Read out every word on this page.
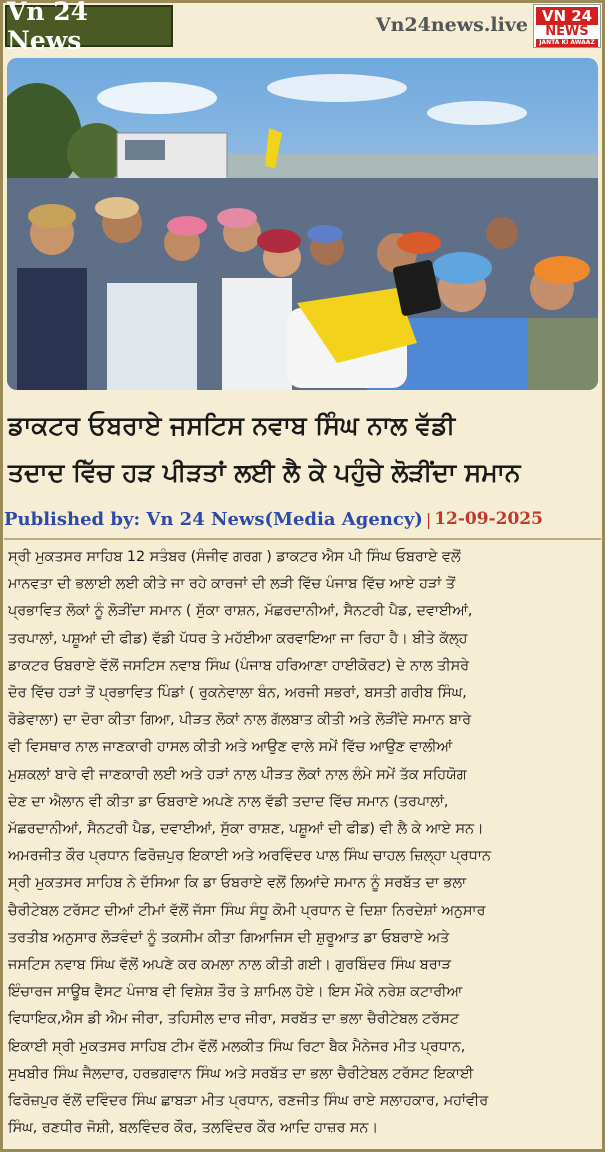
Vn 24 News
Vn24news.live VN 24
NEWS
JANTA KI AWAAZ
ਡਾਕਟਰ ਓਬਰਾਏ ਜਸਟਿਸ ਨਵਾਬ ਸਿੰਘ ਨਾਲ ਵੱਡੀ
ਤਦਾਦ ਵਿੱਚ ਹੜ ਪੀੜਤਾਂ ਲਈ ਲੈ ਕੇ ਪਹੁੰਚੇ ਲੋੜੀਂਦਾ ਸਮਾਨ
Published by: Vn 24 News(Media Agency) | 12-09-2025
ਸ੍ਰੀ ਮੁਕਤਸਰ ਸਾਹਿਬ 12 ਸਤੰਬਰ (ਸੰਜੀਵ ਗਰਗ ) ਡਾਕਟਰ ਐਸ ਪੀ ਸਿੰਘ ਓਬਰਾਏ ਵਲੋਂ
ਮਾਨਵਤਾ ਦੀ ਭਲਾਈ ਲਈ ਕੀਤੇ ਜਾ ਰਹੇ ਕਾਰਜਾਂ ਦੀ ਲੜੀ ਵਿੱਚ ਪੰਜਾਬ ਵਿੱਚ ਆਏ ਹੜਾਂ ਤੋਂ
ਪ੍ਰਭਾਵਿਤ ਲੋਕਾਂ ਨੂੰ ਲੋੜੀਂਦਾ ਸਮਾਨ ( ਸੁੱਕਾ ਰਾਸ਼ਨ, ਮੱਛਰਦਾਨੀਆਂ, ਸੈਨਟਰੀ ਪੈਡ, ਦਵਾਈਆਂ,
ਤਰਪਾਲਾਂ, ਪਸ਼ੂਆਂ ਦੀ ਫੀਡ) ਵੱਡੀ ਪੱਧਰ ਤੇ ਮਹੱਈਆ ਕਰਵਾਇਆ ਜਾ ਰਿਹਾ ਹੈ। ਬੀਤੇ ਕੱਲ੍ਹ
ਡਾਕਟਰ ਓਬਰਾਏ ਵੱਲੋਂ ਜਸਟਿਸ ਨਵਾਬ ਸਿੰਘ (ਪੰਜਾਬ ਹਰਿਆਣਾ ਹਾਈਕੋਰਟ) ਦੇ ਨਾਲ ਤੀਸਰੇ
ਦੋਰ ਵਿੱਚ ਹੜਾਂ ਤੋਂ ਪ੍ਰਭਾਵਿਤ ਪਿੰਡਾਂ ( ਰੁਕਨੇਵਾਲਾ ਬੰਨ, ਅਰਜੀ ਸਭਰਾਂ, ਬਸਤੀ ਗਰੀਬ ਸਿੰਘ,
ਰੋਡੇਵਾਲਾ) ਦਾ ਦੋਰਾ ਕੀਤਾ ਗਿਆ, ਪੀੜਤ ਲੋਕਾਂ ਨਾਲ ਗੱਲਬਾਤ ਕੀਤੀ ਅਤੇ ਲੋੜੀਂਦੇ ਸਮਾਨ ਬਾਰੇ
ਵੀ ਵਿਸਥਾਰ ਨਾਲ ਜਾਣਕਾਰੀ ਹਾਸਲ ਕੀਤੀ ਅਤੇ ਆਉਣ ਵਾਲੇ ਸਮੇਂ ਵਿੱਚ ਆਉਣ ਵਾਲੀਆਂ
ਮੁਸ਼ਕਲਾਂ ਬਾਰੇ ਵੀ ਜਾਣਕਾਰੀ ਲਈ ਅਤੇ ਹੜਾਂ ਨਾਲ ਪੀੜਤ ਲੋਕਾਂ ਨਾਲ ਲੰਮੇ ਸਮੇਂ ਤੱਕ ਸਹਿਯੋਗ
ਦੇਣ ਦਾ ਐਲਾਨ ਵੀ ਕੀਤਾ ਡਾ ਓਬਰਾਏ ਅਪਣੇ ਨਾਲ ਵੱਡੀ ਤਦਾਦ ਵਿੱਚ ਸਮਾਨ (ਤਰਪਾਲਾਂ,
ਮੱਛਰਦਾਨੀਆਂ, ਸੈਨਟਰੀ ਪੈਡ, ਦਵਾਈਆਂ, ਸੁੱਕਾ ਰਾਸ਼ਣ, ਪਸ਼ੂਆਂ ਦੀ ਫੀਡ) ਵੀ ਲੈ ਕੇ ਆਏ ਸਨ।
ਅਮਰਜੀਤ ਕੌਰ ਪ੍ਰਧਾਨ ਫਿਰੋਜ਼ਪੁਰ ਇਕਾਈ ਅਤੇ ਅਰਵਿੰਦਰ ਪਾਲ ਸਿੰਘ ਚਾਹਲ ਜ਼ਿਲ੍ਹਾ ਪ੍ਰਧਾਨ
ਸ੍ਰੀ ਮੁਕਤਸਰ ਸਾਹਿਬ ਨੇ ਦੱਸਿਆ ਕਿ ਡਾ ਓਬਰਾਏ ਵਲੋਂ ਲਿਆਂਦੇ ਸਮਾਨ ਨੂੰ ਸਰਬੱਤ ਦਾ ਭਲਾ
ਚੈਰੀਟੇਬਲ ਟਰੱਸਟ ਦੀਆਂ ਟੀਮਾਂ ਵੱਲੋਂ ਜੱਸਾ ਸਿੰਘ ਸੰਧੂ ਕੋਮੀ ਪ੍ਰਧਾਨ ਦੇ ਦਿਸ਼ਾ ਨਿਰਦੇਸ਼ਾਂ ਅਨੁਸਾਰ
ਤਰਤੀਬ ਅਨੁਸਾਰ ਲੋੜਵੰਦਾਂ ਨੂੰ ਤਕਸੀਮ ਕੀਤਾ ਗਿਆਜਿਸ ਦੀ ਸ਼ੁਰੂਆਤ ਡਾ ਓਬਰਾਏ ਅਤੇ
ਜਸਟਿਸ ਨਵਾਬ ਸਿੰਘ ਵੱਲੋਂ ਅਪਣੇ ਕਰ ਕਮਲਾ ਨਾਲ ਕੀਤੀ ਗਈ। ਗੁਰਬਿੰਦਰ ਸਿੰਘ ਬਰਾੜ
ਇੰਚਾਰਜ ਸਾਊਥ ਵੈਸਟ ਪੰਜਾਬ ਵੀ ਵਿਸ਼ੇਸ਼ ਤੌਰ ਤੇ ਸ਼ਾਮਿਲ ਹੋਏ। ਇਸ ਮੌਕੇ ਨਰੇਸ਼ ਕਟਾਰੀਆ
ਵਿਧਾਇਕ,ਐਸ ਡੀ ਐਮ ਜੀਰਾ, ਤਹਿਸੀਲ ਦਾਰ ਜੀਰਾ, ਸਰਬੱਤ ਦਾ ਭਲਾ ਚੈਰੀਟੇਬਲ ਟਰੱਸਟ
ਇਕਾਈ ਸ੍ਰੀ ਮੁਕਤਸਰ ਸਾਹਿਬ ਟੀਮ ਵੱਲੋਂ ਮਲਕੀਤ ਸਿੰਘ ਰਿਟਾ ਬੈਕ ਮੈਨੇਜਰ ਮੀਤ ਪ੍ਰਧਾਨ,
ਸੁਖਬੀਰ ਸਿੰਘ ਜੈਲਦਾਰ, ਹਰਭਗਵਾਨ ਸਿੰਘ ਅਤੇ ਸਰਬੱਤ ਦਾ ਭਲਾ ਚੈਰੀਟੇਬਲ ਟਰੱਸਟ ਇਕਾਈ
ਫਿਰੋਜ਼ਪੁਰ ਵੱਲੋਂ ਦਵਿੰਦਰ ਸਿੰਘ ਛਾਬੜਾ ਮੀਤ ਪ੍ਰਧਾਨ, ਰਣਜੀਤ ਸਿੰਘ ਰਾਏ ਸਲਾਹਕਾਰ, ਮਹਾਂਵੀਰ
ਸਿੰਘ, ਰਣਧੀਰ ਜੋਸ਼ੀ, ਬਲਵਿੰਦਰ ਕੌਰ, ਤਲਵਿੰਦਰ ਕੌਰ ਆਦਿ ਹਾਜ਼ਰ ਸਨ।
